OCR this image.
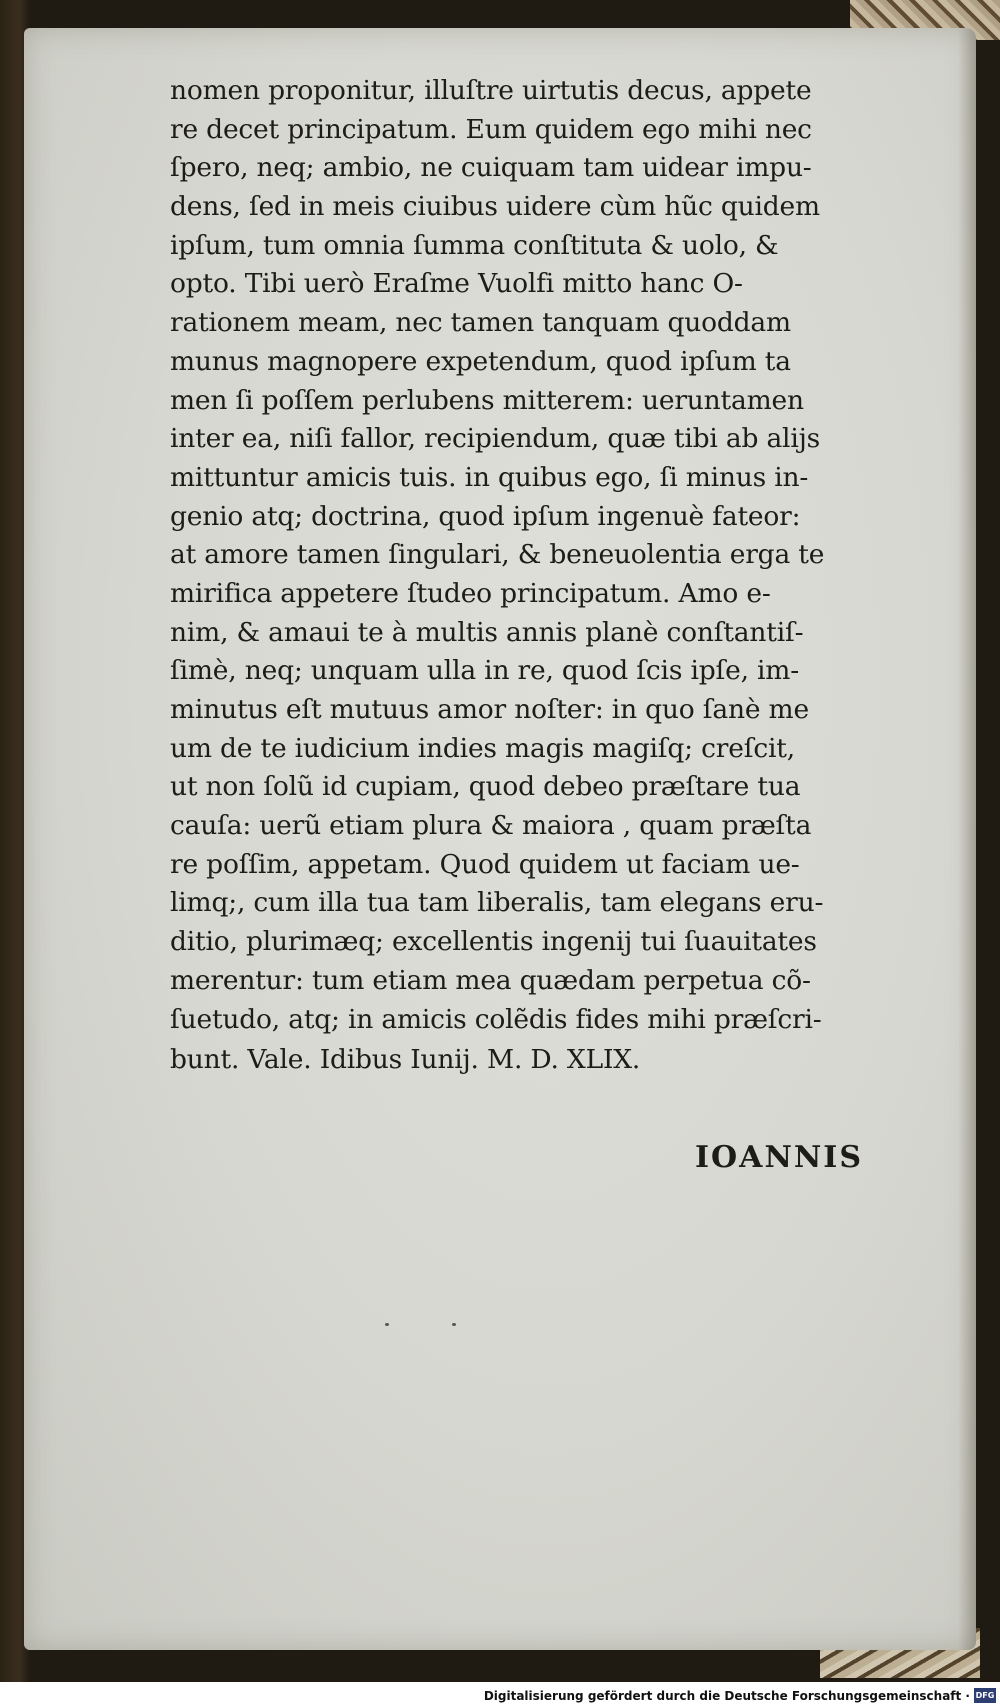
nomen proponitur, illuſtre uirtutis decus, appete
re decet principatum. Eum quidem ego mihi nec
ſpero, neq; ambio, ne cuiquam tam uidear impu‑
dens, ſed in meis ciuibus uidere cùm hũc quidem
ipſum, tum omnia ſumma conſtituta & uolo, &
opto. Tibi uerò Eraſme Vuolfi mitto hanc O‑
rationem meam, nec tamen tanquam quoddam
munus magnopere expetendum, quod ipſum ta
men ſi poſſem perlubens mitterem: ueruntamen
inter ea, niſi fallor, recipiendum, quæ tibi ab alijs
mittuntur amicis tuis. in quibus ego, ſi minus in‑
genio atq; doctrina, quod ipſum ingenuè fateor:
at amore tamen ſingulari, & beneuolentia erga te
mirifica appetere ſtudeo principatum. Amo e‑
nim, & amaui te à multis annis planè conſtantiſ‑
ſimè, neq; unquam ulla in re, quod ſcis ipſe, im‑
minutus eſt mutuus amor noſter: in quo ſanè me
um de te iudicium indies magis magiſq; creſcit,
ut non ſolũ id cupiam, quod debeo præſtare tua
cauſa: uerũ etiam plura & maiora , quam præſta
re poſſim, appetam. Quod quidem ut faciam ue‑
limq;, cum illa tua tam liberalis, tam elegans eru‑
ditio, plurimæq; excellentis ingenij tui ſuauitates
merentur: tum etiam mea quædam perpetua cõ‑
ſuetudo, atq; in amicis colẽdis fides mihi præſcri‑
bunt. Vale. Idibus Iunij. M. D. XLIX.
IOANNIS
Digitalisierung gefördert durch die Deutsche Forschungsgemeinschaft · DFG
